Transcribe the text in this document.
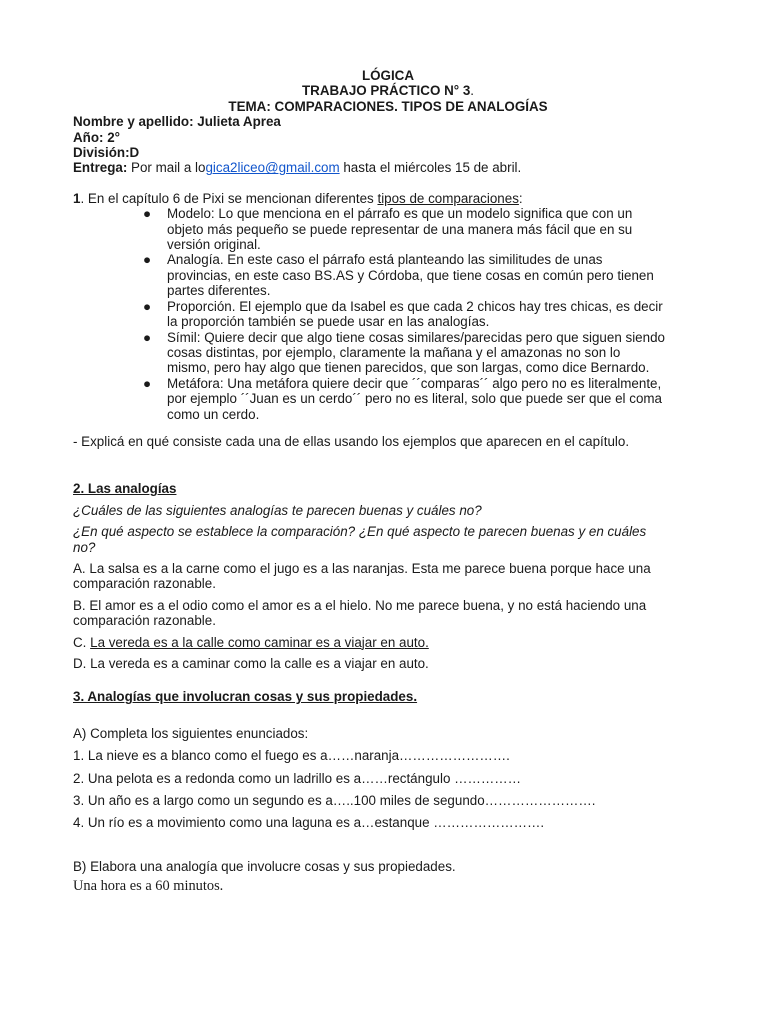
LÓGICA
TRABAJO PRÁCTICO N° 3.
TEMA: COMPARACIONES. TIPOS DE ANALOGÍAS
Nombre y apellido: Julieta Aprea
Año: 2°
División:D
Entrega: Por mail a logica2liceo@gmail.com hasta el miércoles 15 de abril.
1. En el capítulo 6 de Pixi se mencionan diferentes tipos de comparaciones:
● Modelo: Lo que menciona en el párrafo es que un modelo significa que con un
objeto más pequeño se puede representar de una manera más fácil que en su
versión original.
● Analogía. En este caso el párrafo está planteando las similitudes de unas
provincias, en este caso BS.AS y Córdoba, que tiene cosas en común pero tienen
partes diferentes.
● Proporción. El ejemplo que da Isabel es que cada 2 chicos hay tres chicas, es decir
la proporción también se puede usar en las analogías.
● Símil: Quiere decir que algo tiene cosas similares/parecidas pero que siguen siendo
cosas distintas, por ejemplo, claramente la mañana y el amazonas no son lo
mismo, pero hay algo que tienen parecidos, que son largas, como dice Bernardo.
● Metáfora: Una metáfora quiere decir que ´´comparas´´ algo pero no es literalmente,
por ejemplo ´´Juan es un cerdo´´ pero no es literal, solo que puede ser que el coma
como un cerdo.
- Explicá en qué consiste cada una de ellas usando los ejemplos que aparecen en el capítulo.
2. Las analogías
¿Cuáles de las siguientes analogías te parecen buenas y cuáles no?
¿En qué aspecto se establece la comparación? ¿En qué aspecto te parecen buenas y en cuáles
no?
A. La salsa es a la carne como el jugo es a las naranjas. Esta me parece buena porque hace una
comparación razonable.
B. El amor es a el odio como el amor es a el hielo. No me parece buena, y no está haciendo una
comparación razonable.
C. La vereda es a la calle como caminar es a viajar en auto.
D. La vereda es a caminar como la calle es a viajar en auto.
3. Analogías que involucran cosas y sus propiedades.
A) Completa los siguientes enunciados:
1. La nieve es a blanco como el fuego es a……naranja…………………….
2. Una pelota es a redonda como un ladrillo es a……rectángulo ……………
3. Un año es a largo como un segundo es a…..100 miles de segundo…………………….
4. Un río es a movimiento como una laguna es a…estanque …………………….
B) Elabora una analogía que involucre cosas y sus propiedades.
Una hora es a 60 minutos.
